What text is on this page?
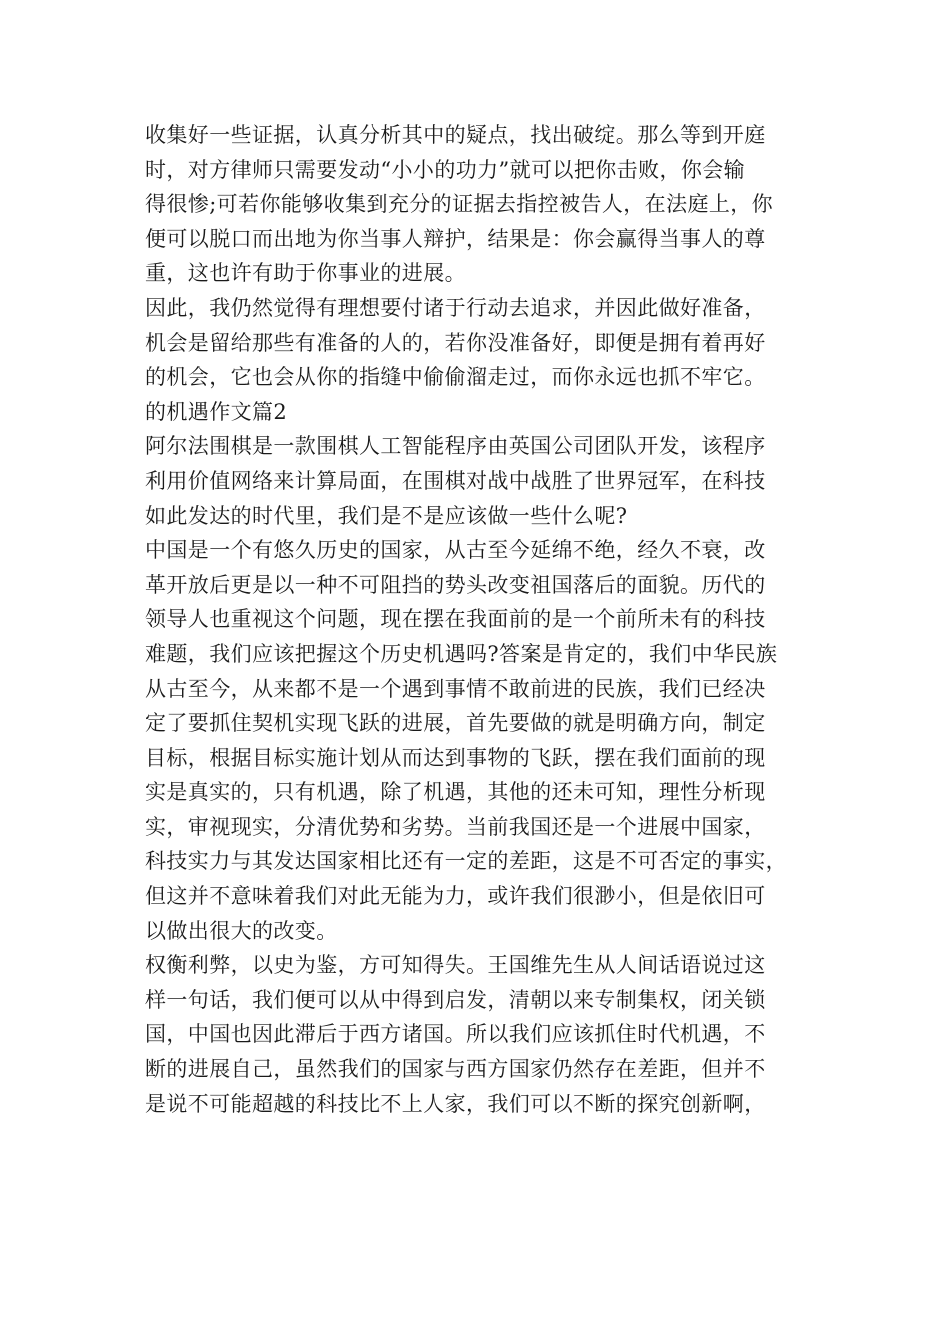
收集好一些证据，认真分析其中的疑点，找出破绽。那么等到开庭
时，对方律师只需要发动“小小的功力”就可以把你击败，你会输
得很惨;可若你能够收集到充分的证据去指控被告人，在法庭上，你
便可以脱口而出地为你当事人辩护，结果是：你会赢得当事人的尊
重，这也许有助于你事业的进展。
因此，我仍然觉得有理想要付诸于行动去追求，并因此做好准备，
机会是留给那些有准备的人的，若你没准备好，即便是拥有着再好
的机会，它也会从你的指缝中偷偷溜走过，而你永远也抓不牢它。
的机遇作文篇2
阿尔法围棋是一款围棋人工智能程序由英国公司团队开发，该程序
利用价值网络来计算局面，在围棋对战中战胜了世界冠军，在科技
如此发达的时代里，我们是不是应该做一些什么呢?
中国是一个有悠久历史的国家，从古至今延绵不绝，经久不衰，改
革开放后更是以一种不可阻挡的势头改变祖国落后的面貌。历代的
领导人也重视这个问题，现在摆在我面前的是一个前所未有的科技
难题，我们应该把握这个历史机遇吗?答案是肯定的，我们中华民族
从古至今，从来都不是一个遇到事情不敢前进的民族，我们已经决
定了要抓住契机实现飞跃的进展，首先要做的就是明确方向，制定
目标，根据目标实施计划从而达到事物的飞跃，摆在我们面前的现
实是真实的，只有机遇，除了机遇，其他的还未可知，理性分析现
实，审视现实，分清优势和劣势。当前我国还是一个进展中国家，
科技实力与其发达国家相比还有一定的差距，这是不可否定的事实，
但这并不意味着我们对此无能为力，或许我们很渺小，但是依旧可
以做出很大的改变。
权衡利弊，以史为鉴，方可知得失。王国维先生从人间话语说过这
样一句话，我们便可以从中得到启发，清朝以来专制集权，闭关锁
国，中国也因此滞后于西方诸国。所以我们应该抓住时代机遇，不
断的进展自己，虽然我们的国家与西方国家仍然存在差距，但并不
是说不可能超越的科技比不上人家，我们可以不断的探究创新啊，
